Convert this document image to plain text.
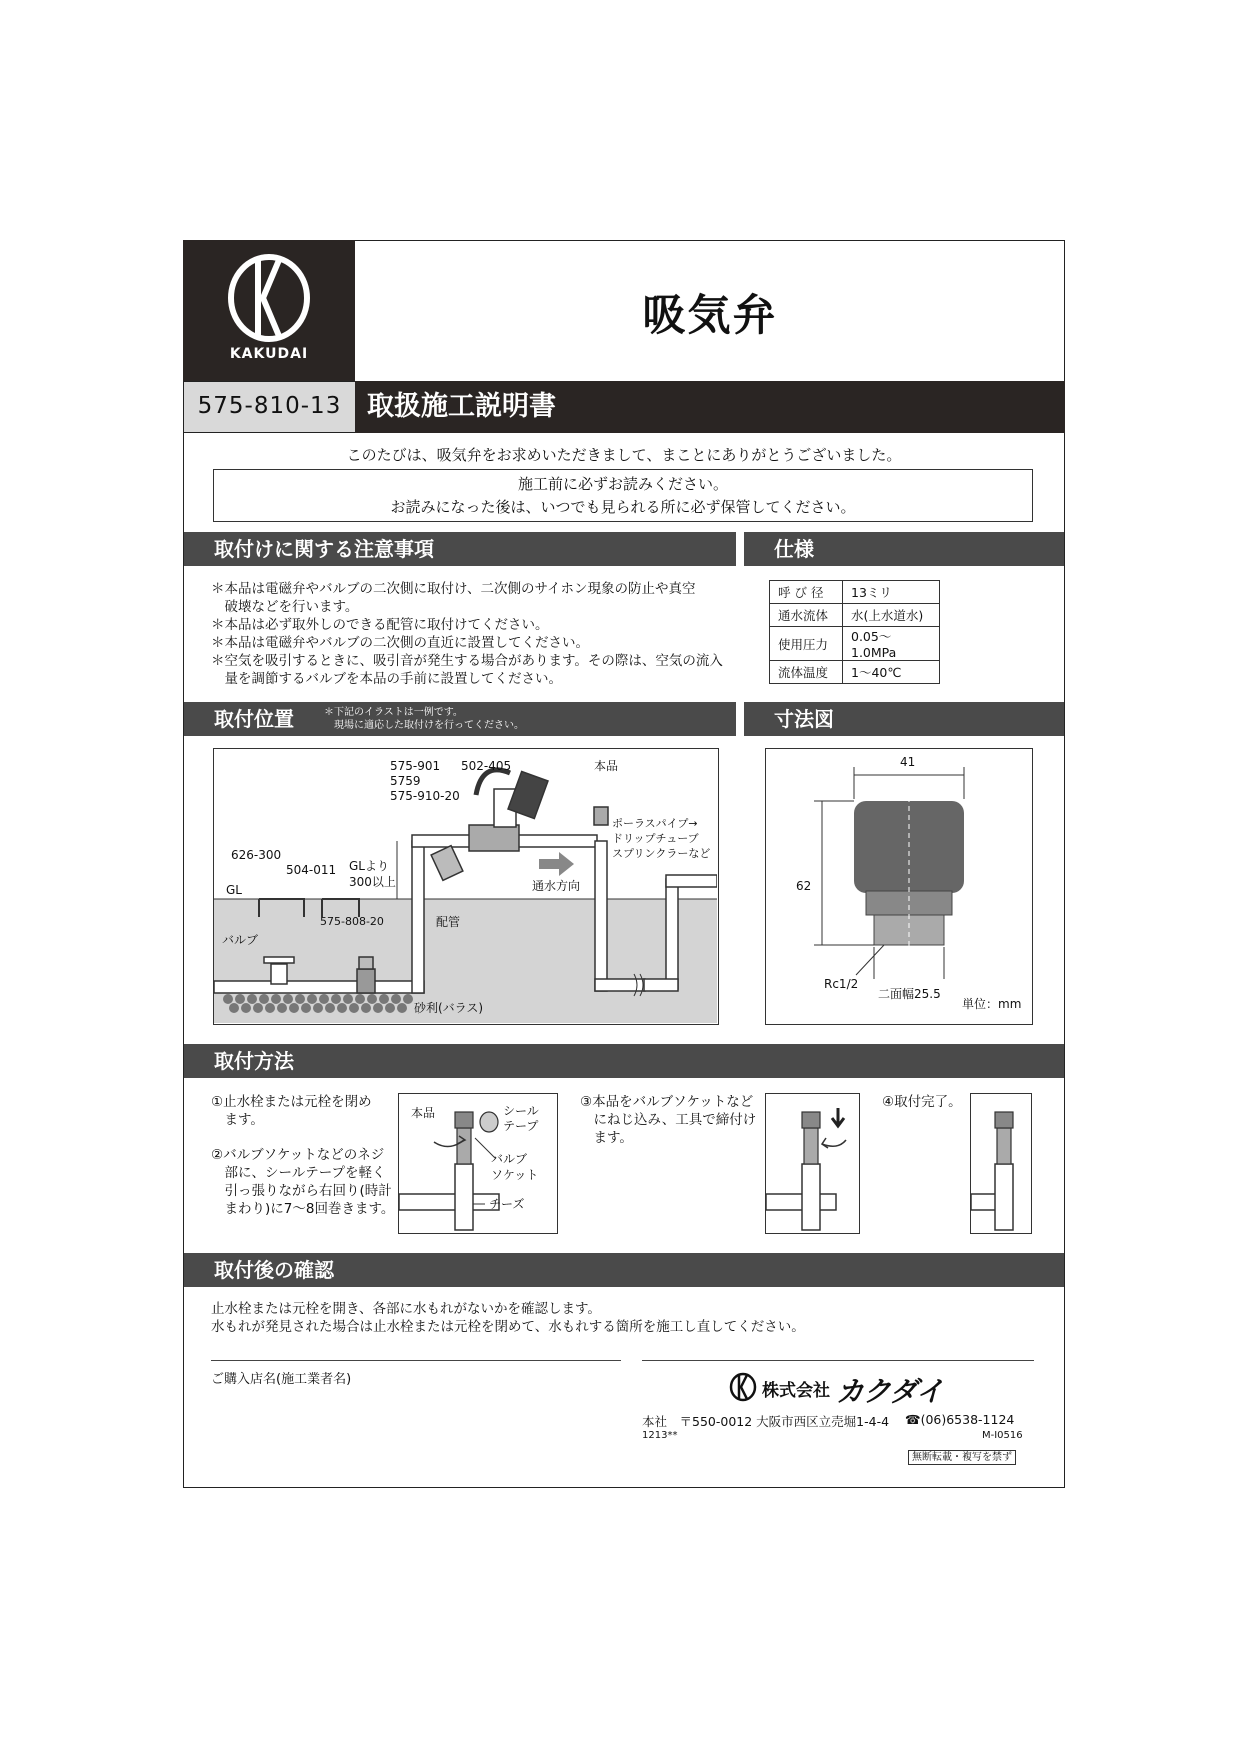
KAKUDAI
吸気弁
575-810-13 取扱施工説明書
このたびは、吸気弁をお求めいただきまして、まことにありがとうございました。
施工前に必ずお読みください。
お読みになった後は、いつでも見られる所に必ず保管してください。
取付けに関する注意事項	仕様
＊本品は電磁弁やバルブの二次側に取付け、二次側のサイホン現象の防止や真空
　破壊などを行います。
＊本品は必ず取外しのできる配管に取付けてください。
＊本品は電磁弁やバルブの二次側の直近に設置してください。
＊空気を吸引するときに、吸引音が発生する場合があります。その際は、空気の流入
　量を調節するバルブを本品の手前に設置してください。
呼 び 径	13ミリ
通水流体	水(上水道水)
使用圧力	0.05〜1.0MPa
流体温度	1〜40℃
取付位置	＊下記のイラストは一例です。
現場に適応した取付けを行ってください。	寸法図
575-901
5759
575-910-20
502-405	本品
626-300
504-011 GLより
300以上
GL
配管
バルブ
575-808-20
ポーラスパイプ→
ドリップチューブ
スプリンクラーなど
通水方向
砂利(バラス)
41
62
Rc1/2
二面幅25.5
単位：mm
取付方法
①止水栓または元栓を閉め
　ます。
②バルブソケットなどのネジ
　部に、シールテープを軽く
　引っ張りながら右回り(時計
　まわり)に7〜8回巻きます。
本品	シール
テープ
バルブ
ソケット
チーズ
③本品をバルブソケットなど
　にねじ込み、工具で締付け
　ます。
④取付完了。
取付後の確認
止水栓または元栓を開き、各部に水もれがないかを確認します。
水もれが発見された場合は止水栓または元栓を閉めて、水もれする箇所を施工し直してください。
ご購入店名(施工業者名)
株式会社 カクダイ
本社　〒550-0012 大阪市西区立売堀1-4-4 ☎(06)6538-1124
1213**	M-I0516
無断転載・複写を禁ず
